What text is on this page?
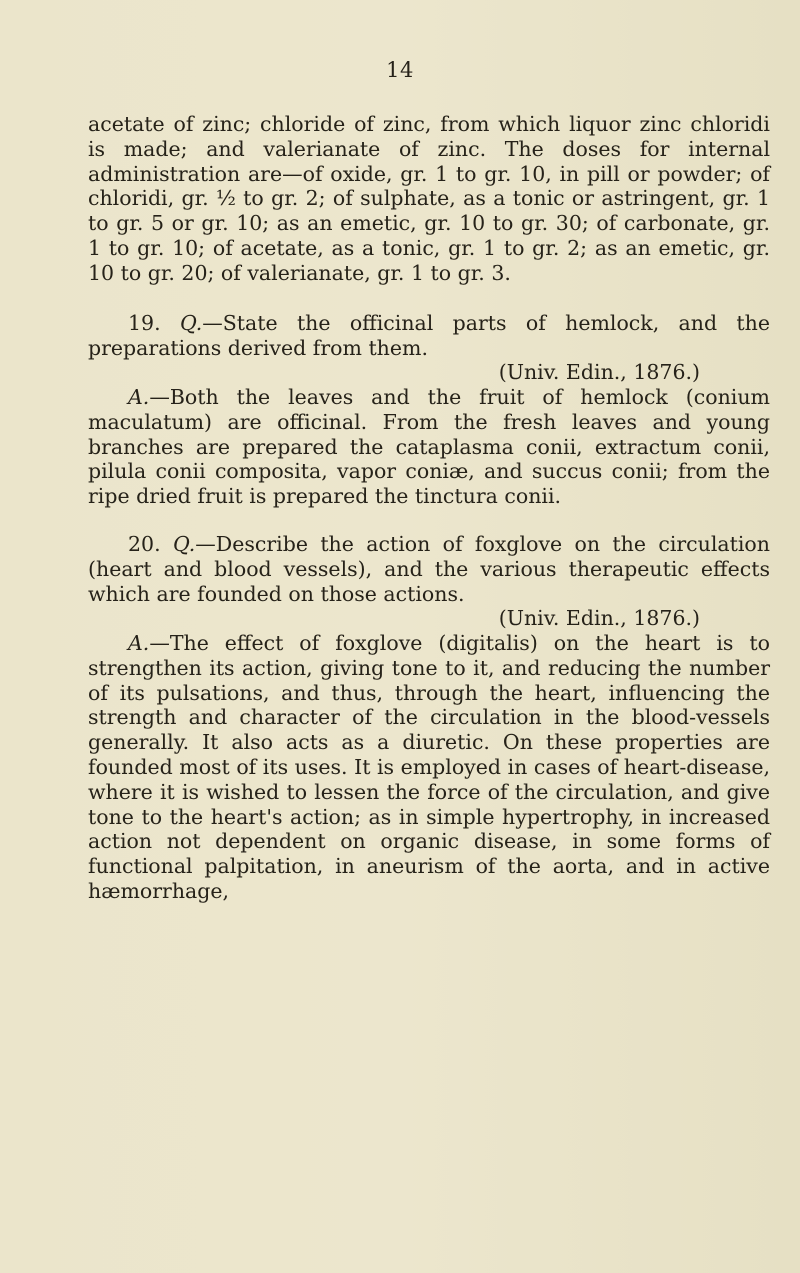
14

acetate of zinc; chloride of zinc, from which liquor zinc chloridi is made; and valerianate of zinc. The doses for internal administration are—of oxide, gr. 1 to gr. 10, in pill or powder; of chloridi, gr. ½ to gr. 2; of sulphate, as a tonic or astringent, gr. 1 to gr. 5 or gr. 10; as an emetic, gr. 10 to gr. 30; of carbonate, gr. 1 to gr. 10; of acetate, as a tonic, gr. 1 to gr. 2; as an emetic, gr. 10 to gr. 20; of valerianate, gr. 1 to gr. 3.

19. Q.—State the officinal parts of hemlock, and the preparations derived from them.

(Univ. Edin., 1876.)

A.—Both the leaves and the fruit of hemlock (conium maculatum) are officinal. From the fresh leaves and young branches are prepared the cataplasma conii, extractum conii, pilula conii composita, vapor coniæ, and succus conii; from the ripe dried fruit is prepared the tinctura conii.

20. Q.—Describe the action of foxglove on the circulation (heart and blood vessels), and the various therapeutic effects which are founded on those actions.

(Univ. Edin., 1876.)

A.—The effect of foxglove (digitalis) on the heart is to strengthen its action, giving tone to it, and reducing the number of its pulsations, and thus, through the heart, influencing the strength and character of the circulation in the blood-vessels generally. It also acts as a diuretic. On these properties are founded most of its uses. It is employed in cases of heart-disease, where it is wished to lessen the force of the circulation, and give tone to the heart's action; as in simple hypertrophy, in increased action not dependent on organic disease, in some forms of functional palpitation, in aneurism of the aorta, and in active hæmorrhage,
